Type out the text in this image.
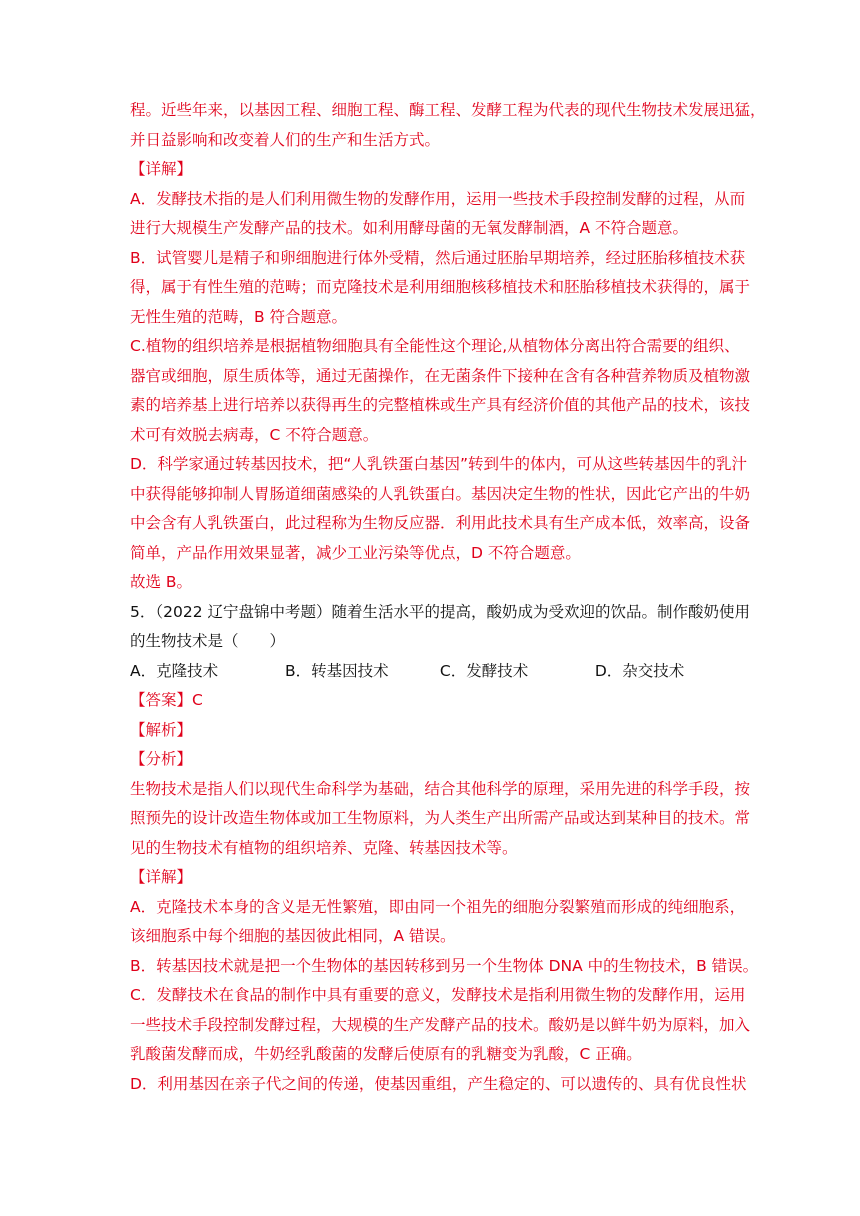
程。近些年来，以基因工程、细胞工程、酶工程、发酵工程为代表的现代生物技术发展迅猛，
并日益影响和改变着人们的生产和生活方式。
【详解】
A．发酵技术指的是人们利用微生物的发酵作用，运用一些技术手段控制发酵的过程，从而
进行大规模生产发酵产品的技术。如利用酵母菌的无氧发酵制酒，A 不符合题意。
B．试管婴儿是精子和卵细胞进行体外受精，然后通过胚胎早期培养，经过胚胎移植技术获
得，属于有性生殖的范畴；而克隆技术是利用细胞核移植技术和胚胎移植技术获得的，属于
无性生殖的范畴，B 符合题意。
C.植物的组织培养是根据植物细胞具有全能性这个理论,从植物体分离出符合需要的组织、
器官或细胞，原生质体等，通过无菌操作，在无菌条件下接种在含有各种营养物质及植物激
素的培养基上进行培养以获得再生的完整植株或生产具有经济价值的其他产品的技术，该技
术可有效脱去病毒，C 不符合题意。
D．科学家通过转基因技术，把“人乳铁蛋白基因”转到牛的体内，可从这些转基因牛的乳汁
中获得能够抑制人胃肠道细菌感染的人乳铁蛋白。基因决定生物的性状，因此它产出的牛奶
中会含有人乳铁蛋白，此过程称为生物反应器．利用此技术具有生产成本低，效率高，设备
简单，产品作用效果显著，减少工业污染等优点，D 不符合题意。
故选 B。
5．（2022 辽宁盘锦中考题）随着生活水平的提高，酸奶成为受欢迎的饮品。制作酸奶使用
的生物技术是（　　）
A．克隆技术	B．转基因技术	C．发酵技术	D．杂交技术
【答案】C
【解析】
【分析】
生物技术是指人们以现代生命科学为基础，结合其他科学的原理，采用先进的科学手段，按
照预先的设计改造生物体或加工生物原料，为人类生产出所需产品或达到某种目的技术。常
见的生物技术有植物的组织培养、克隆、转基因技术等。
【详解】
A．克隆技术本身的含义是无性繁殖，即由同一个祖先的细胞分裂繁殖而形成的纯细胞系，
该细胞系中每个细胞的基因彼此相同，A 错误。
B．转基因技术就是把一个生物体的基因转移到另一个生物体 DNA 中的生物技术，B 错误。
C．发酵技术在食品的制作中具有重要的意义，发酵技术是指利用微生物的发酵作用，运用
一些技术手段控制发酵过程，大规模的生产发酵产品的技术。酸奶是以鲜牛奶为原料，加入
乳酸菌发酵而成，牛奶经乳酸菌的发酵后使原有的乳糖变为乳酸，C 正确。
D．利用基因在亲子代之间的传递，使基因重组，产生稳定的、可以遗传的、具有优良性状
